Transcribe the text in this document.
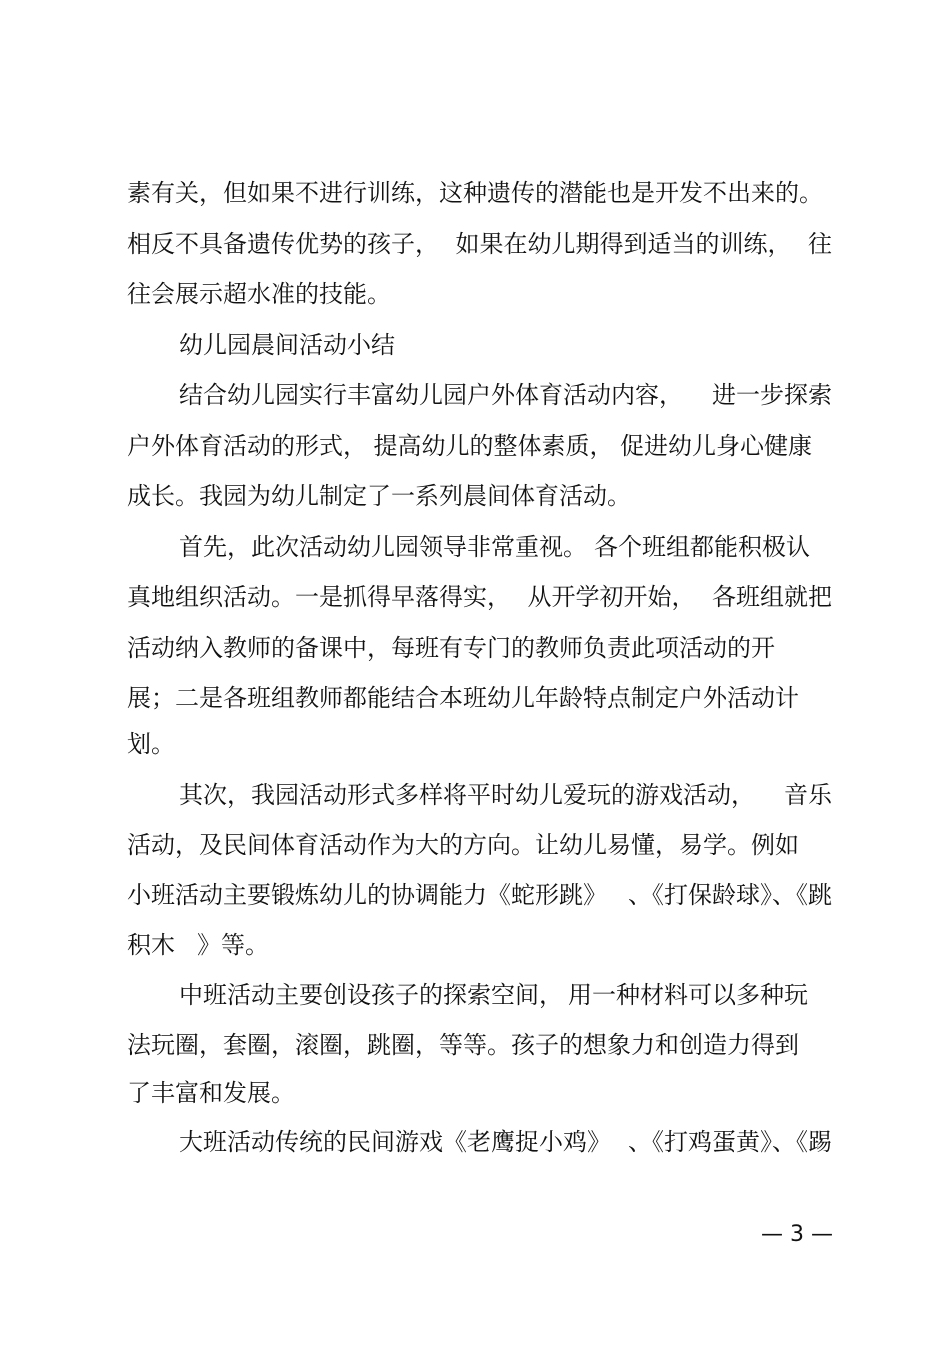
素有关，但如果不进行训练， 这种遗传的潜能也是开发不出来的。
相反不具备遗传优势的孩子， 如果在幼儿期得到适当的训练， 往
往会展示超水准的技能。
幼儿园晨间活动小结
结合幼儿园实行丰富幼儿园户外体育活动内容， 进一步探索
户外体育活动的形式， 提高幼儿的整体素质， 促进幼儿身心健康
成长。我园为幼儿制定了一系列晨间体育活动。
首先，此次活动幼儿园领导非常重视。 各个班组都能积极认
真地组织活动。一是抓得早落得实， 从开学初开始， 各班组就把
活动纳入教师的备课中，每班有专门的教师负责此项活动的开
展；二是各班组教师都能结合本班幼儿年龄特点制定户外活动计
划。
其次，我园活动形式多样将平时幼儿爱玩的游戏活动， 音乐
活动，及民间体育活动作为大的方向。让幼儿易懂，易学。例如
小班活动主要锻炼幼儿的协调能力《蛇形跳》 、《打保龄球》、《跳
积木 》等。
中班活动主要创设孩子的探索空间， 用一种材料可以多种玩
法玩圈，套圈，滚圈，跳圈，等等。孩子的想象力和创造力得到
了丰富和发展。
大班活动传统的民间游戏《老鹰捉小鸡》 、《打鸡蛋黄》、《踢
— 3 —
